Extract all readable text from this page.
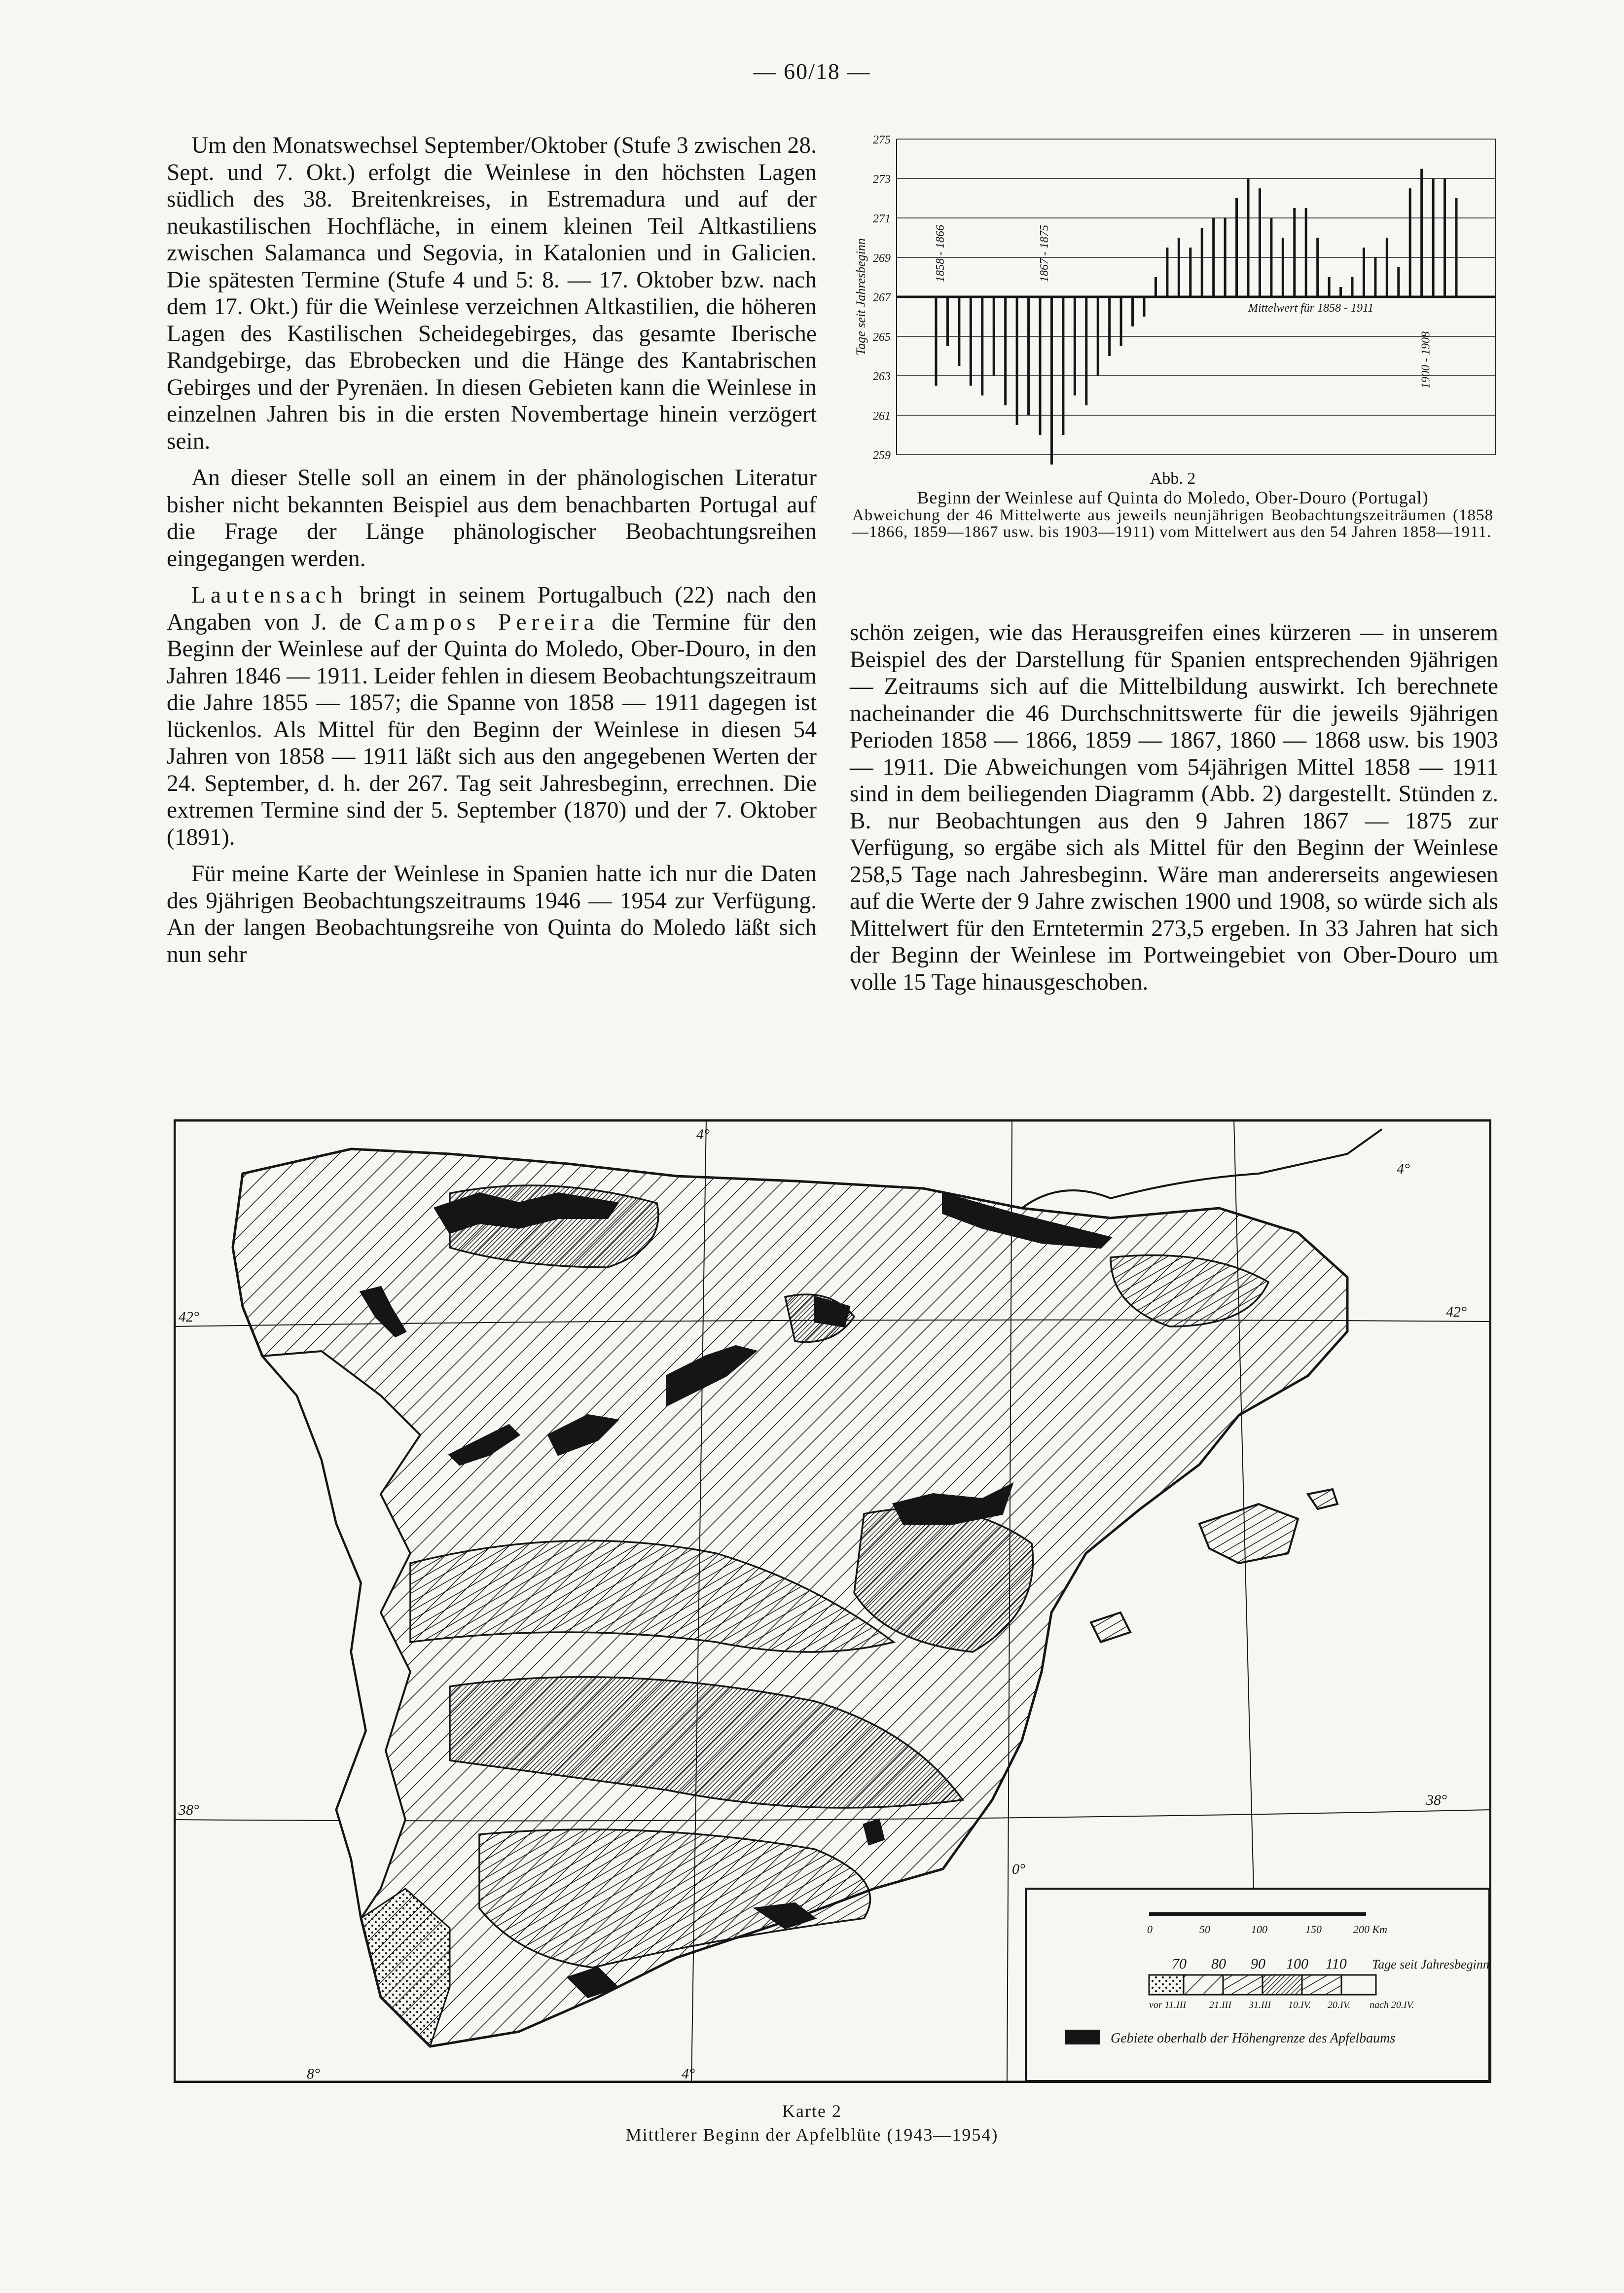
— 60/18 —

Um den Monatswechsel September/Oktober (Stufe 3 zwischen 28. Sept. und 7. Okt.) erfolgt die Weinlese in den höchsten Lagen südlich des 38. Breitenkreises, in Estremadura und auf der neukastilischen Hochfläche, in einem kleinen Teil Altkastiliens zwischen Salamanca und Segovia, in Katalonien und in Galicien. Die spätesten Termine (Stufe 4 und 5: 8. — 17. Oktober bzw. nach dem 17. Okt.) für die Weinlese verzeichnen Altkastilien, die höheren Lagen des Kastilischen Scheidegebirges, das gesamte Iberische Randgebirge, das Ebrobecken und die Hänge des Kantabrischen Gebirges und der Pyrenäen. In diesen Gebieten kann die Weinlese in einzelnen Jahren bis in die ersten Novembertage hinein verzögert sein.

An dieser Stelle soll an einem in der phänologischen Literatur bisher nicht bekannten Beispiel aus dem benachbarten Portugal auf die Frage der Länge phänologischer Beobachtungsreihen eingegangen werden.

Lautensach bringt in seinem Portugalbuch (22) nach den Angaben von J. de Campos Pereira die Termine für den Beginn der Weinlese auf der Quinta do Moledo, Ober-Douro, in den Jahren 1846 — 1911. Leider fehlen in diesem Beobachtungszeitraum die Jahre 1855 — 1857; die Spanne von 1858 — 1911 dagegen ist lückenlos. Als Mittel für den Beginn der Weinlese in diesen 54 Jahren von 1858 — 1911 läßt sich aus den angegebenen Werten der 24. September, d. h. der 267. Tag seit Jahresbeginn, errechnen. Die extremen Termine sind der 5. September (1870) und der 7. Oktober (1891).

Für meine Karte der Weinlese in Spanien hatte ich nur die Daten des 9jährigen Beobachtungszeitraums 1946 — 1954 zur Verfügung. An der langen Beobachtungsreihe von Quinta do Moledo läßt sich nun sehr

schön zeigen, wie das Herausgreifen eines kürzeren — in unserem Beispiel des der Darstellung für Spanien entsprechenden 9jährigen — Zeitraums sich auf die Mittelbildung auswirkt. Ich berechnete nacheinander die 46 Durchschnittswerte für die jeweils 9jährigen Perioden 1858 — 1866, 1859 — 1867, 1860 — 1868 usw. bis 1903 — 1911. Die Abweichungen vom 54jährigen Mittel 1858 — 1911 sind in dem beiliegenden Diagramm (Abb. 2) dargestellt. Stünden z. B. nur Beobachtungen aus den 9 Jahren 1867 — 1875 zur Verfügung, so ergäbe sich als Mittel für den Beginn der Weinlese 258,5 Tage nach Jahresbeginn. Wäre man andererseits angewiesen auf die Werte der 9 Jahre zwischen 1900 und 1908, so würde sich als Mittelwert für den Erntetermin 273,5 ergeben. In 33 Jahren hat sich der Beginn der Weinlese im Portweingebiet von Ober-Douro um volle 15 Tage hinausgeschoben.

275
273
271
269
267
265
263
261
259
Tage seit Jahresbeginn	Mittelwert für 1858 - 1911
1858 - 1866	1867 - 1875
1900 - 1908
Abb. 2
Beginn der Weinlese auf Quinta do Moledo, Ober-Douro (Portugal)
Abweichung der 46 Mittelwerte aus jeweils neunjährigen Beobachtungszeiträumen (1858—1866, 1859—1867 usw. bis 1903—1911) vom Mittelwert aus den 54 Jahren 1858—1911.
42°	42°
38°
38°
4°
0°
8°	4°
4°
0	50	100	150	200 Km
70 80 90 100 110 Tage seit Jahresbeginn
vor 11.III 21.III 31.III 10.IV. 20.IV. nach 20.IV.
Gebiete oberhalb der Höhengrenze des Apfelbaums
Karte 2
Mittlerer Beginn der Apfelblüte (1943—1954)
